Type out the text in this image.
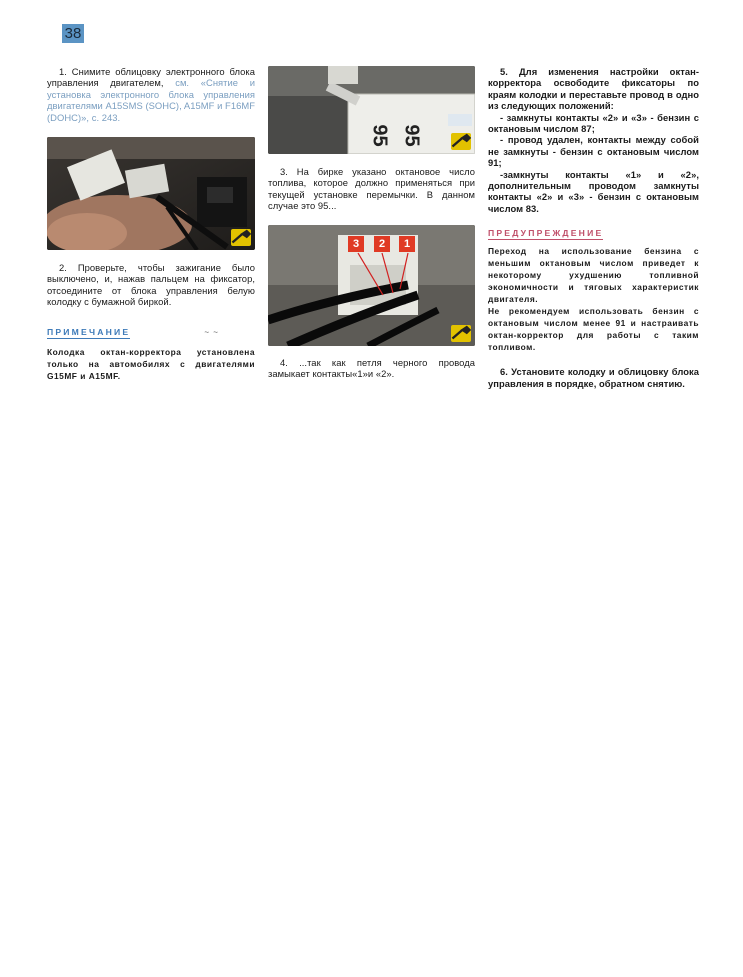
38

1. Снимите облицовку электронного блока управления двигателем, см. «Снятие и установка электронного блока управления двигателями A15SMS (SOHC), A15MF и F16MF (DOHC)», с. 243.

2. Проверьте, чтобы зажигание было выключено, и, нажав пальцем на фиксатор, отсоедините от блока управления белую колодку с бумажной биркой.

ПРИМЕЧАНИЕ	~ ~

Колодка октан-корректора установлена только на автомобилях с двигателями G15MF и A15MF.

95 95

3. На бирке указано октановое число топлива, которое должно применяться при текущей установке перемычки. В данном случае это 95...

3	2	1

4. ...так как петля черного провода замыкает контакты«1»и «2».

5. Для изменения настройки октан-корректора освободите фиксаторы по краям колодки и переставьте провод в одно из следующих положений:

- замкнуты контакты «2» и «3» - бензин с октановым числом 87;

- провод удален, контакты между собой не замкнуты - бензин с октановым числом 91;

-замкнуты контакты «1» и «2», дополнительным проводом замкнуты контакты «2» и «3» - бензин с октановым числом 83.

ПРЕДУПРЕЖДЕНИЕ

Переход на использование бензина с меньшим октановым числом приведет к некоторому ухудшению топливной экономичности и тяговых характеристик двигателя.

Не рекомендуем использовать бензин с октановым числом менее 91 и настраивать октан-корректор для работы с таким топливом.

6. Установите колодку и облицовку блока управления в порядке, обратном снятию.
